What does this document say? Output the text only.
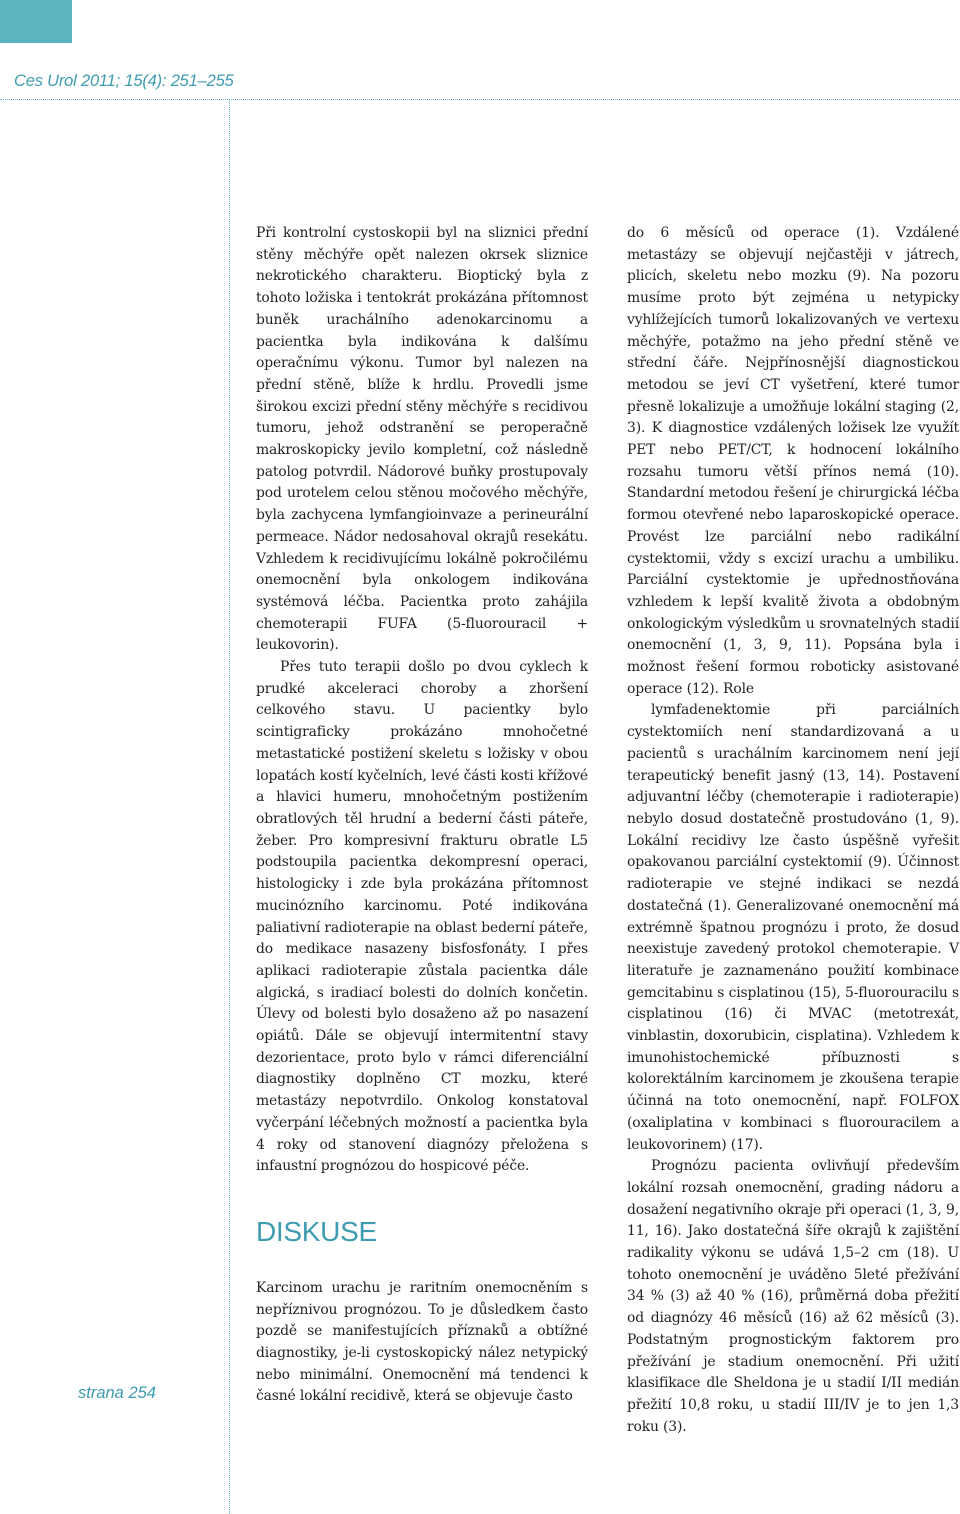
Ces Urol 2011; 15(4): 251–255
strana 254

Při kontrolní cystoskopii byl na sliznici přední stěny měchýře opět nalezen okrsek sliznice nekrotického charakteru. Bioptický byla z tohoto ložiska i tentokrát prokázána přítomnost buněk urachálního adenokarcinomu a pacientka byla indikována k dalšímu operačnímu výkonu. Tumor byl nalezen na přední stěně, blíže k hrdlu. Provedli jsme širokou excizi přední stěny měchýře s recidivou tumoru, jehož odstranění se peroperačně makroskopicky jevilo kompletní, což následně patolog potvrdil. Nádorové buňky prostupovaly pod urotelem celou stěnou močového měchýře, byla zachycena lymfangioinvaze a perineurální permeace. Nádor nedosahoval okrajů resekátu. Vzhledem k recidivujícímu lokálně pokročilému onemocnění byla onkologem indikována systémová léčba. Pacientka proto zahájila chemoterapii FUFA (5-fluorouracil + leukovorin).

Přes tuto terapii došlo po dvou cyklech k prudké akceleraci choroby a zhoršení celkového stavu. U pacientky bylo scintigraficky prokázáno mnohočetné metastatické postižení skeletu s ložisky v obou lopatách kostí kyčelních, levé části kosti křížové a hlavici humeru, mnohočetným postižením obratlových těl hrudní a bederní části páteře, žeber. Pro kompresivní frakturu obratle L5 podstoupila pacientka dekompresní operaci, histologicky i zde byla prokázána přítomnost mucinózního karcinomu. Poté indikována paliativní radioterapie na oblast bederní páteře, do medikace nasazeny bisfosfonáty. I přes aplikaci radioterapie zůstala pacientka dále algická, s iradiací bolesti do dolních končetin. Úlevy od bolesti bylo dosaženo až po nasazení opiátů. Dále se objevují intermitentní stavy dezorientace, proto bylo v rámci diferenciální diagnostiky doplněno CT mozku, které metastázy nepotvrdilo. Onkolog konstatoval vyčerpání léčebných možností a pacientka byla 4 roky od stanovení diagnózy přeložena s infaustní prognózou do hospicové péče.

DISKUSE

Karcinom urachu je raritním onemocněním s nepříznivou prognózou. To je důsledkem často pozdě se manifestujících příznaků a obtížné diagnostiky, je-li cystoskopický nález netypický nebo minimální. Onemocnění má tendenci k časné lokální recidivě, která se objevuje často

do 6 měsíců od operace (1). Vzdálené metastázy se objevují nejčastěji v játrech, plicích, skeletu nebo mozku (9). Na pozoru musíme proto být zejména u netypicky vyhlížejících tumorů lokalizovaných ve vertexu měchýře, potažmo na jeho přední stěně ve střední čáře. Nejpřínosnější diagnostickou metodou se jeví CT vyšetření, které tumor přesně lokalizuje a umožňuje lokální staging (2, 3). K diagnostice vzdálených ložisek lze využít PET nebo PET/CT, k hodnocení lokálního rozsahu tumoru větší přínos nemá (10). Standardní metodou řešení je chirurgická léčba formou otevřené nebo laparoskopické operace. Provést lze parciální nebo radikální cystektomii, vždy s excizí urachu a umbiliku. Parciální cystektomie je upřednostňována vzhledem k lepší kvalitě života a obdobným onkologickým výsledkům u srovnatelných stadií onemocnění (1, 3, 9, 11). Popsána byla i možnost řešení formou roboticky asistované operace (12). Role

lymfadenektomie při parciálních cystektomiích není standardizovaná a u pacientů s urachálním karcinomem není její terapeutický benefit jasný (13, 14). Postavení adjuvantní léčby (chemoterapie i radioterapie) nebylo dosud dostatečně prostudováno (1, 9). Lokální recidivy lze často úspěšně vyřešit opakovanou parciální cystektomií (9). Účinnost radioterapie ve stejné indikaci se nezdá dostatečná (1). Generalizované onemocnění má extrémně špatnou prognózu i proto, že dosud neexistuje zavedený protokol chemoterapie. V literatuře je zaznamenáno použití kombinace gemcitabinu s cisplatinou (15), 5-fluorouracilu s cisplatinou (16) či MVAC (metotrexát, vinblastin, doxorubicin, cisplatina). Vzhledem k imunohistochemické příbuznosti s kolorektálním karcinomem je zkoušena terapie účinná na toto onemocnění, např. FOLFOX (oxaliplatina v kombinaci s fluorouracilem a leukovorinem) (17).

Prognózu pacienta ovlivňují především lokální rozsah onemocnění, grading nádoru a dosažení negativního okraje při operaci (1, 3, 9, 11, 16). Jako dostatečná šíře okrajů k zajištění radikality výkonu se udává 1,5–2 cm (18). U tohoto onemocnění je uváděno 5leté přežívání 34 % (3) až 40 % (16), průměrná doba přežití od diagnózy 46 měsíců (16) až 62 měsíců (3). Podstatným prognostickým faktorem pro přežívání je stadium onemocnění. Při užití klasifikace dle Sheldona je u stadií I/II medián přežití 10,8 roku, u stadií III/IV je to jen 1,3 roku (3).
